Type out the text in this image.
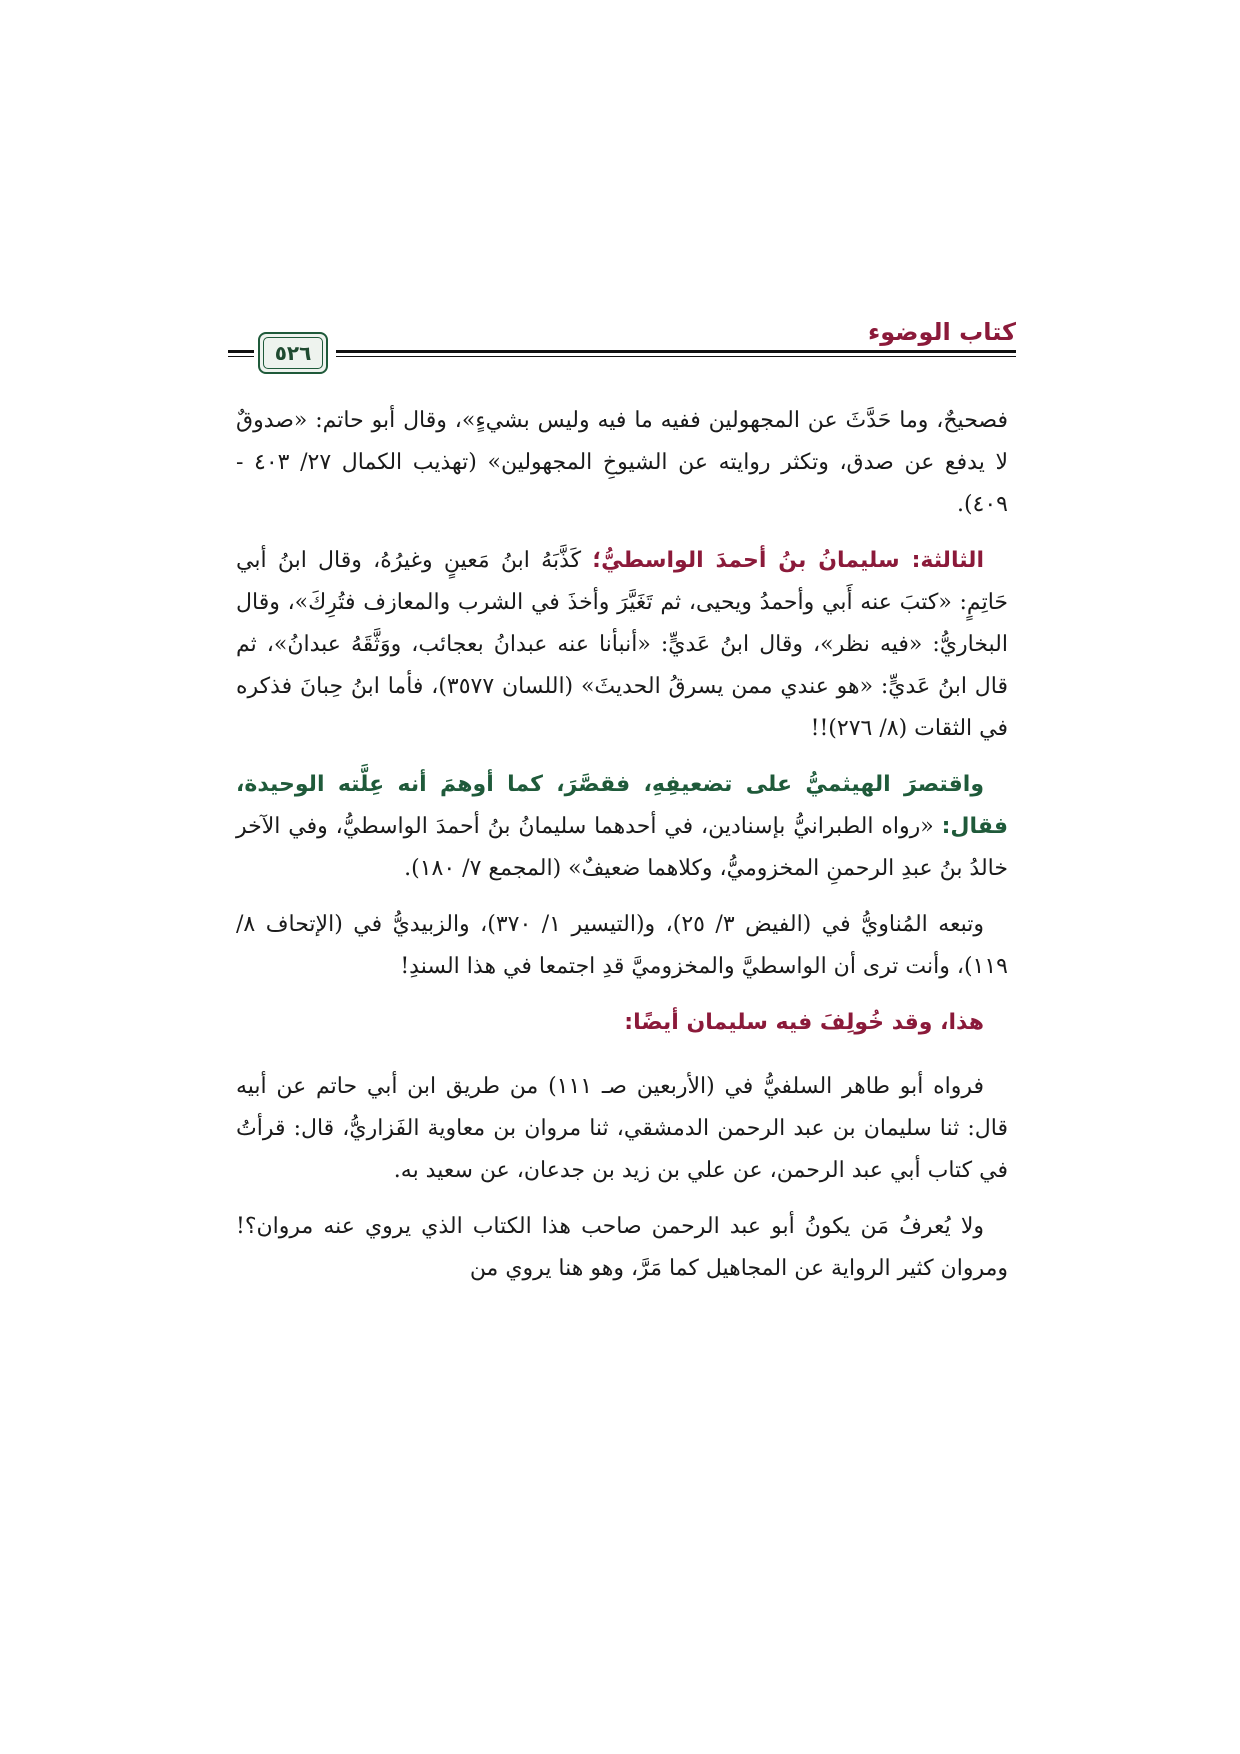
كتاب الوضوء
٥٢٦

فصحيحٌ، وما حَدَّثَ عن المجهولين ففيه ما فيه وليس بشيءٍ»، وقال أبو حاتم: «صدوقٌ لا يدفع عن صدق، وتكثر روايته عن الشيوخِ المجهولين» (تهذيب الكمال ٢٧/ ٤٠٣ - ٤٠٩).

الثالثة: سليمانُ بنُ أحمدَ الواسطيُّ؛ كَذَّبَهُ ابنُ مَعينٍ وغيرُهُ، وقال ابنُ أبي حَاتِمٍ: «كتبَ عنه أَبي وأحمدُ ويحيى، ثم تَغَيَّرَ وأخذَ في الشرب والمعازف فتُرِكَ»، وقال البخاريُّ: «فيه نظر»، وقال ابنُ عَديٍّ: «أنبأنا عنه عبدانُ بعجائب، ووَثَّقَهُ عبدانُ»، ثم قال ابنُ عَديٍّ: «هو عندي ممن يسرقُ الحديثَ» (اللسان ٣٥٧٧)، فأما ابنُ حِبانَ فذكره في الثقات (٨/ ٢٧٦)!!

واقتصرَ الهيثميُّ على تضعيفِهِ، فقصَّرَ، كما أوهمَ أنه عِلَّته الوحيدة، فقال: «رواه الطبرانيُّ بإسنادين، في أحدهما سليمانُ بنُ أحمدَ الواسطيُّ، وفي الآخر خالدُ بنُ عبدِ الرحمنِ المخزوميُّ، وكلاهما ضعيفٌ» (المجمع ٧/ ١٨٠).

وتبعه المُناويُّ في (الفيض ٣/ ٢٥)، و(التيسير ١/ ٣٧٠)، والزبيديُّ في (الإتحاف ٨/ ١١٩)، وأنت ترى أن الواسطيَّ والمخزوميَّ قدِ اجتمعا في هذا السندِ!

هذا، وقد خُولِفَ فيه سليمان أيضًا:

فرواه أبو طاهر السلفيُّ في (الأربعين صـ ١١١) من طريق ابن أبي حاتم عن أبيه قال: ثنا سليمان بن عبد الرحمن الدمشقي، ثنا مروان بن معاوية الفَزاريُّ، قال: قرأتُ في كتاب أبي عبد الرحمن، عن علي بن زيد بن جدعان، عن سعيد به.

ولا يُعرفُ مَن يكونُ أبو عبد الرحمن صاحب هذا الكتاب الذي يروي عنه مروان؟! ومروان كثير الرواية عن المجاهيل كما مَرَّ، وهو هنا يروي من
